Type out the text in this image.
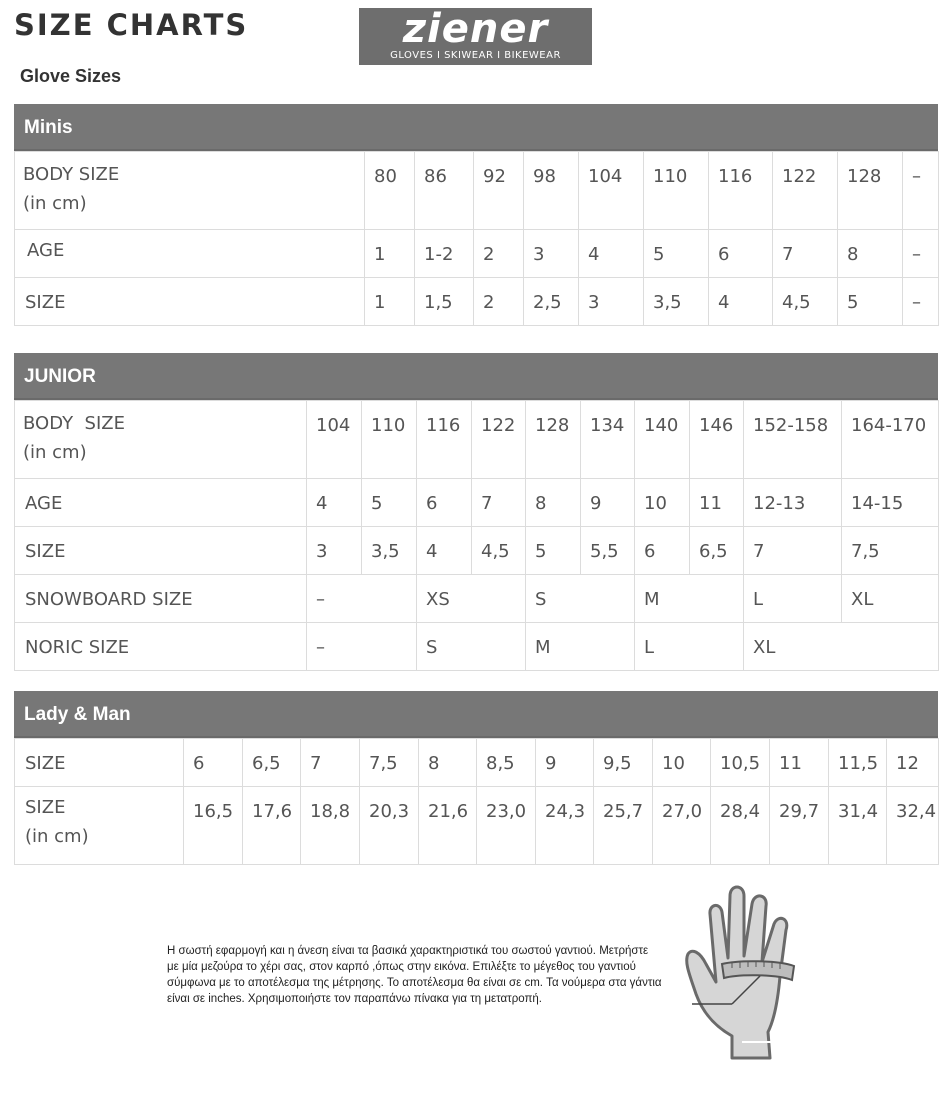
SIZE CHARTS	ziener
GLOVES I SKIWEAR I BIKEWEAR
Glove Sizes
Minis
BODY SIZE
(in cm)	80	86	92	98	104	110	116	122	128	–
AGE	1	1-2	2	3	4	5	6	7	8	–
SIZE	1	1,5	2	2,5	3	3,5	4	4,5	5	–
JUNIOR
BODY  SIZE
(in cm)	104	110	116	122	128	134	140	146	152-158	164-170
AGE	4	5	6	7	8	9	10	11	12-13	14-15
SIZE	3	3,5	4	4,5	5	5,5	6	6,5	7	7,5
SNOWBOARD SIZE	–		XS		S		M		L	XL
NORIC SIZE	–		S		M		L		XL	
Lady & Man
SIZE	6	6,5	7	7,5	8	8,5	9	9,5	10	10,5	11	11,5	12
SIZE
(in cm)	16,5	17,6	18,8	20,3	21,6	23,0	24,3	25,7	27,0	28,4	29,7	31,4	32,4
Η σωστή εφαρμογή και η άνεση είναι τα βασικά χαρακτηριστικά του σωστού γαντιού. Μετρήστε με μία μεζούρα το χέρι σας, στον καρπό ,όπως στην εικόνα. Επιλέξτε το μέγεθος του γαντιού σύμφωνα με το αποτέλεσμα της μέτρησης. Το αποτέλεσμα θα είναι σε cm. Τα νούμερα στα γάντια είναι σε inches. Χρησιμοποιήστε τον παραπάνω πίνακα για τη μετατροπή.
